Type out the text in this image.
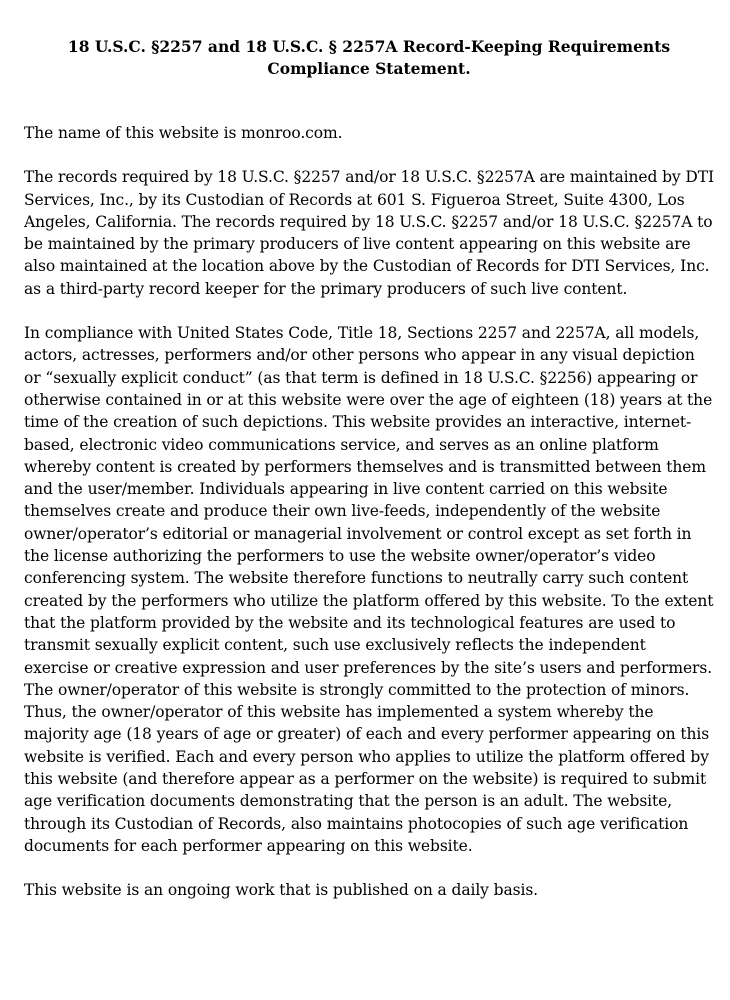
18 U.S.C. §2257 and 18 U.S.C. § 2257A Record-Keeping Requirements
Compliance Statement.

The name of this website is monroo.com.

The records required by 18 U.S.C. §2257 and/or 18 U.S.C. §2257A are maintained by DTI Services, Inc., by its Custodian of Records at 601 S. Figueroa Street, Suite 4300, Los Angeles, California. The records required by 18 U.S.C. §2257 and/or 18 U.S.C. §2257A to be maintained by the primary producers of live content appearing on this website are also maintained at the location above by the Custodian of Records for DTI Services, Inc. as a third-party record keeper for the primary producers of such live content.

In compliance with United States Code, Title 18, Sections 2257 and 2257A, all models, actors, actresses, performers and/or other persons who appear in any visual depiction or “sexually explicit conduct” (as that term is defined in 18 U.S.C. §2256) appearing or otherwise contained in or at this website were over the age of eighteen (18) years at the time of the creation of such depictions. This website provides an interactive, internet-based, electronic video communications service, and serves as an online platform whereby content is created by performers themselves and is transmitted between them and the user/member. Individuals appearing in live content carried on this website themselves create and produce their own live-feeds, independently of the website owner/operator’s editorial or managerial involvement or control except as set forth in the license authorizing the performers to use the website owner/operator’s video conferencing system. The website therefore functions to neutrally carry such content created by the performers who utilize the platform offered by this website. To the extent that the platform provided by the website and its technological features are used to transmit sexually explicit content, such use exclusively reflects the independent exercise or creative expression and user preferences by the site’s users and performers. The owner/operator of this website is strongly committed to the protection of minors. Thus, the owner/operator of this website has implemented a system whereby the majority age (18 years of age or greater) of each and every performer appearing on this website is verified. Each and every person who applies to utilize the platform offered by this website (and therefore appear as a performer on the website) is required to submit age verification documents demonstrating that the person is an adult. The website, through its Custodian of Records, also maintains photocopies of such age verification documents for each performer appearing on this website.

This website is an ongoing work that is published on a daily basis.
